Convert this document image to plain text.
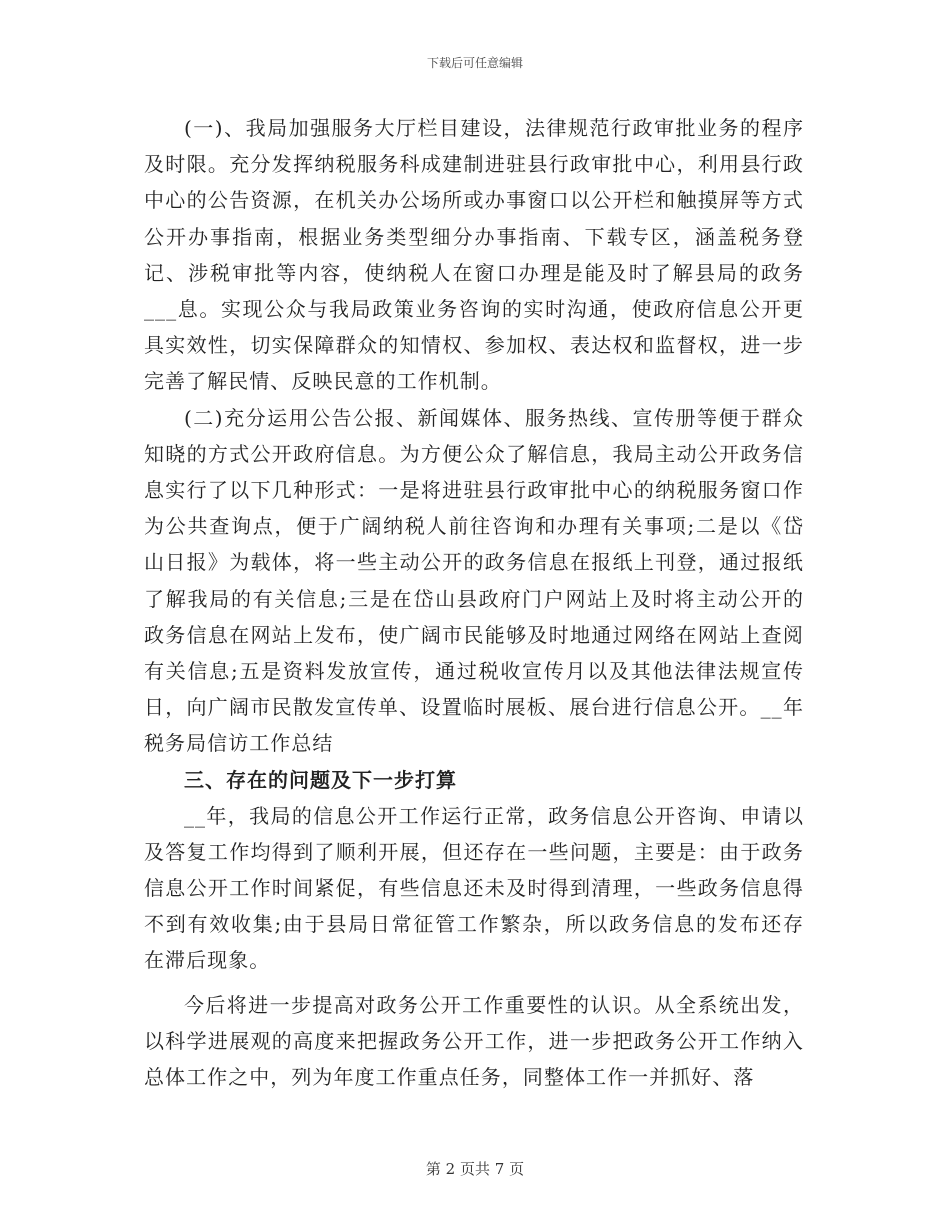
下载后可任意编辑

(一)、我局加强服务大厅栏目建设，法律规范行政审批业务的程序及时限。充分发挥纳税服务科成建制进驻县行政审批中心，利用县行政中心的公告资源，在机关办公场所或办事窗口以公开栏和触摸屏等方式公开办事指南，根据业务类型细分办事指南、下载专区，涵盖税务登记、涉税审批等内容，使纳税人在窗口办理是能及时了解县局的政务___息。实现公众与我局政策业务咨询的实时沟通，使政府信息公开更具实效性，切实保障群众的知情权、参加权、表达权和监督权，进一步完善了解民情、反映民意的工作机制。

(二)充分运用公告公报、新闻媒体、服务热线、宣传册等便于群众知晓的方式公开政府信息。为方便公众了解信息，我局主动公开政务信息实行了以下几种形式：一是将进驻县行政审批中心的纳税服务窗口作为公共查询点，便于广阔纳税人前往咨询和办理有关事项;二是以《岱山日报》为载体，将一些主动公开的政务信息在报纸上刊登，通过报纸了解我局的有关信息;三是在岱山县政府门户网站上及时将主动公开的政务信息在网站上发布，使广阔市民能够及时地通过网络在网站上查阅有关信息;五是资料发放宣传，通过税收宣传月以及其他法律法规宣传日，向广阔市民散发宣传单、设置临时展板、展台进行信息公开。__年税务局信访工作总结

三、存在的问题及下一步打算

__年，我局的信息公开工作运行正常，政务信息公开咨询、申请以及答复工作均得到了顺利开展，但还存在一些问题，主要是：由于政务信息公开工作时间紧促，有些信息还未及时得到清理，一些政务信息得不到有效收集;由于县局日常征管工作繁杂，所以政务信息的发布还存在滞后现象。

今后将进一步提高对政务公开工作重要性的认识。从全系统出发，以科学进展观的高度来把握政务公开工作，进一步把政务公开工作纳入总体工作之中，列为年度工作重点任务，同整体工作一并抓好、落

第 2 页共 7 页
